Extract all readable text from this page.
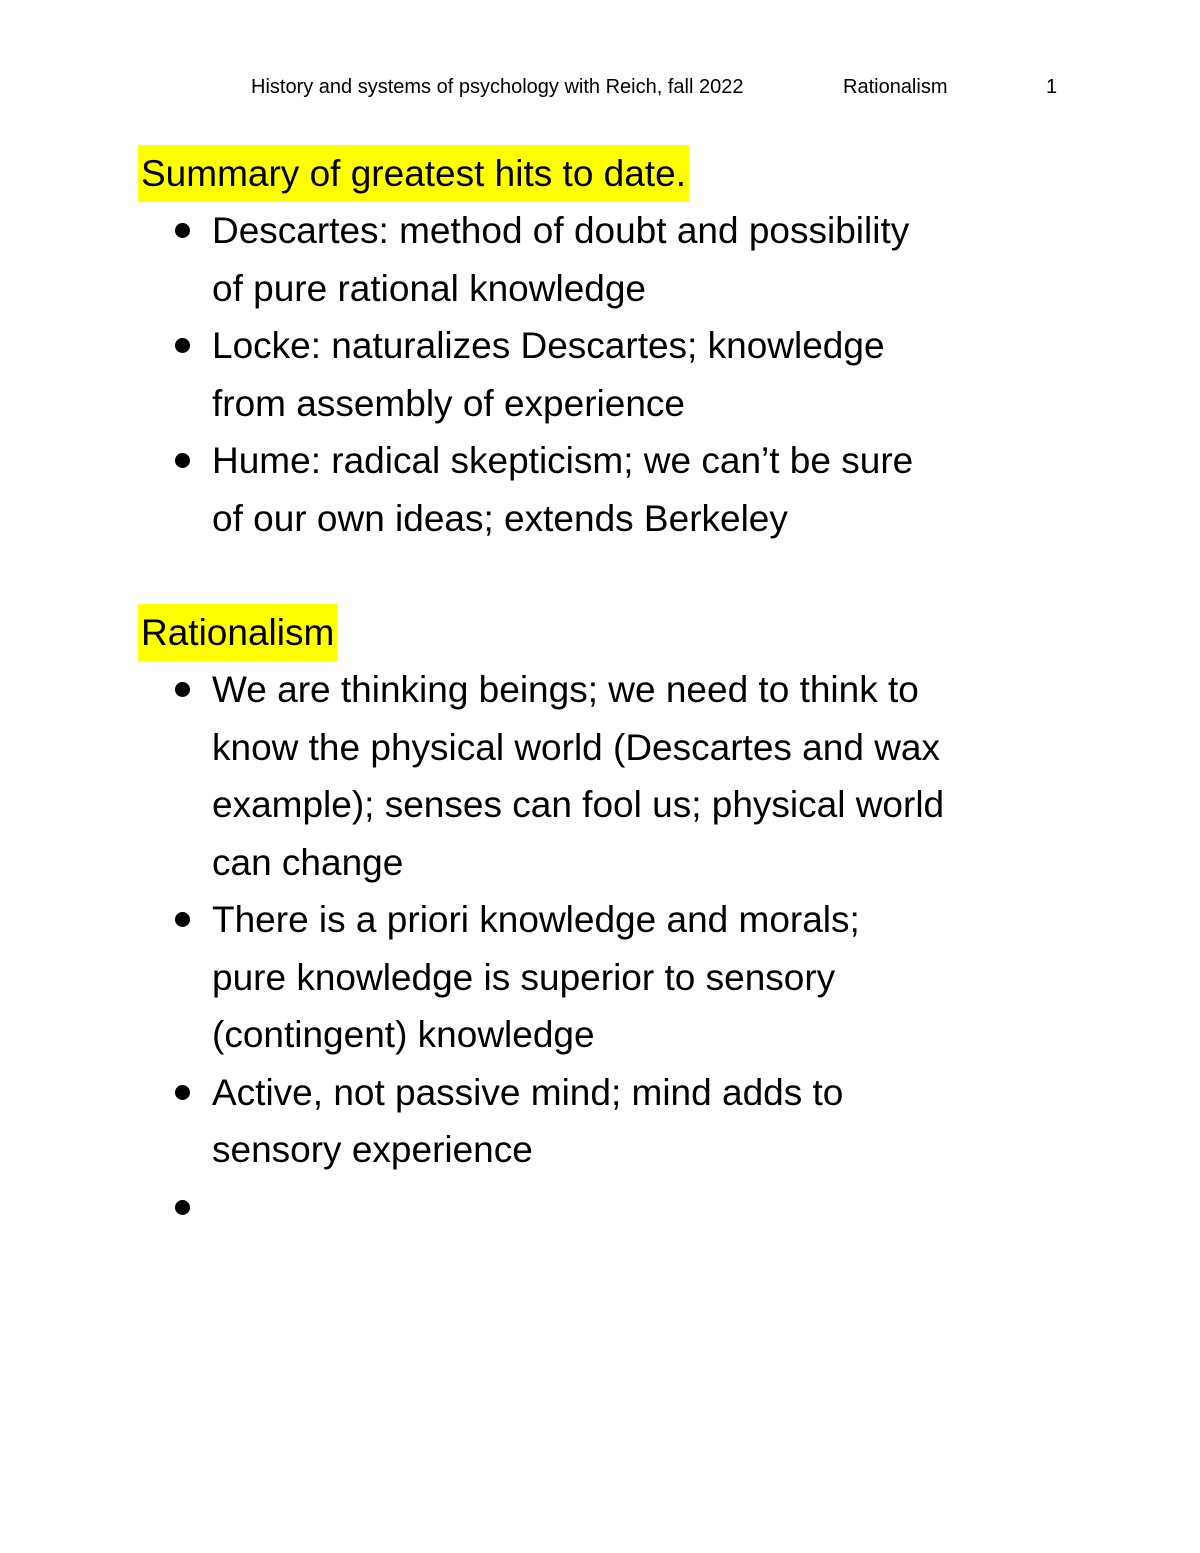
History and systems of psychology with Reich, fall 2022	Rationalism	1
Summary of greatest hits to date.
Descartes: method of doubt and possibility
of pure rational knowledge
Locke: naturalizes Descartes; knowledge
from assembly of experience
Hume: radical skepticism; we can’t be sure
of our own ideas; extends Berkeley
Rationalism
We are thinking beings; we need to think to
know the physical world (Descartes and wax
example); senses can fool us; physical world
can change
There is a priori knowledge and morals;
pure knowledge is superior to sensory
(contingent) knowledge
Active, not passive mind; mind adds to
sensory experience
